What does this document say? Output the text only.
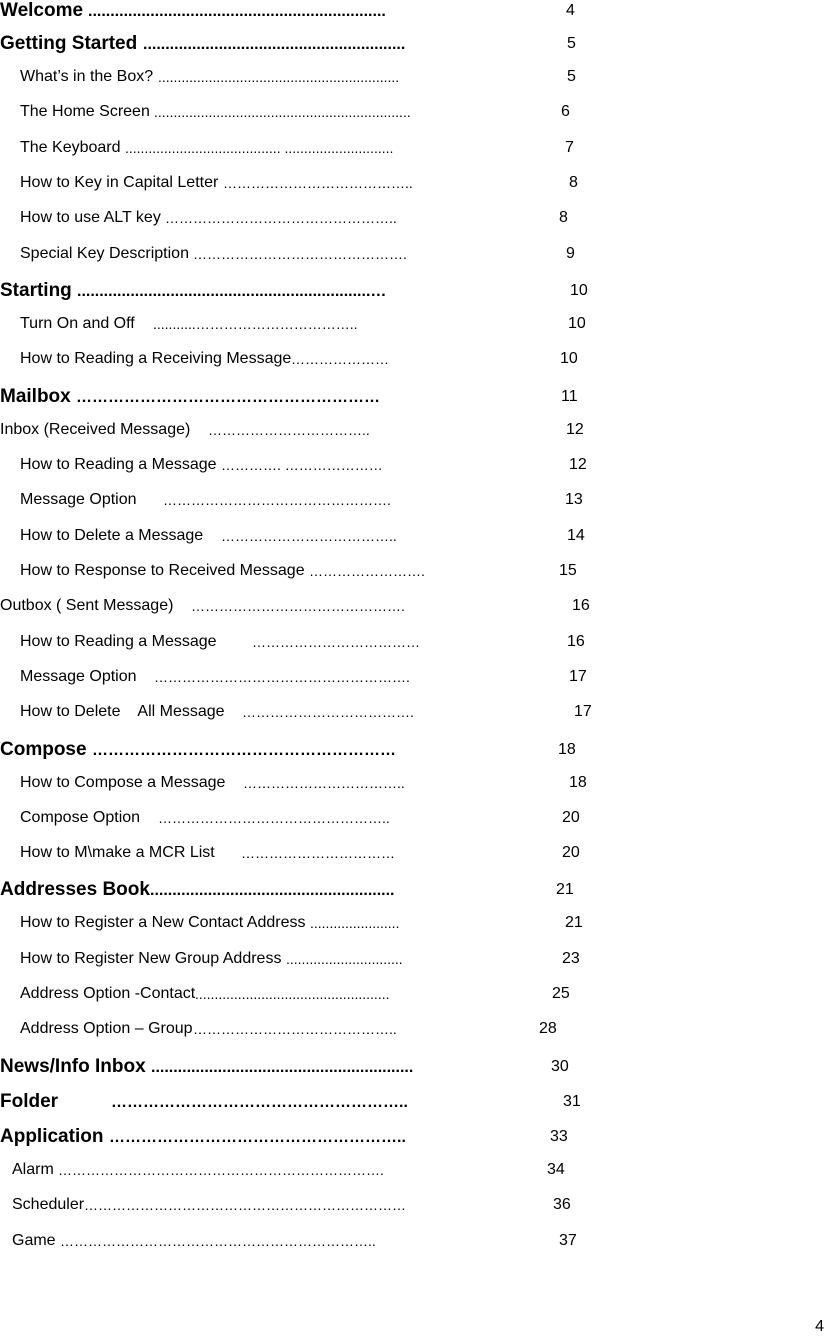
Welcome ...................................................................	4
Getting Started ...........................................................	5
What’s in the Box? ..............................................................	5
The Home Screen ..................................................................	6
The Keyboard ........................................ ............................	7
How to Key in Capital Letter …………………………………..	8
How to use ALT key …………………………………………..	8
Special Key Description ……………………………………….	9
Starting ..................................................................…	10
Turn On and Off ...........……………………………..	10
How to Reading a Receiving Message …………………	10
Mailbox …………………………………………………	11
Inbox (Received Message) ……………………………..	12
How to Reading a Message …………. …………………	12
Message Option ………………………………………….	13
How to Delete a Message ………………………………..	14
How to Response to Received Message …………………….	15
Outbox ( Sent Message) ……………………………………….	16
How to Reading a Message ………………………………	16
Message Option ……………………………………………….	17
How to Delete    All Message ……………………………….	17
Compose …………………………………………………	18
How to Compose a Message ……………………………..	18
Compose Option …………………………………………..	20
How to M\make a MCR List ……………………………	20
Addresses Book .......................................................	21
How to Register a New Contact Address .......................	21
How to Register New Group Address ..............................	23
Address Option -Contact ..................................................	25
Address Option – Group ……………………………………..	28
News/Info Inbox ...........................................................	30
Folder ………………………………………………..	31
Application ………………………………………………..	33
Alarm …………………………………………………………….	34
Scheduler ……………………………………………………………	36
Game …………………………………………………………..	37
4
